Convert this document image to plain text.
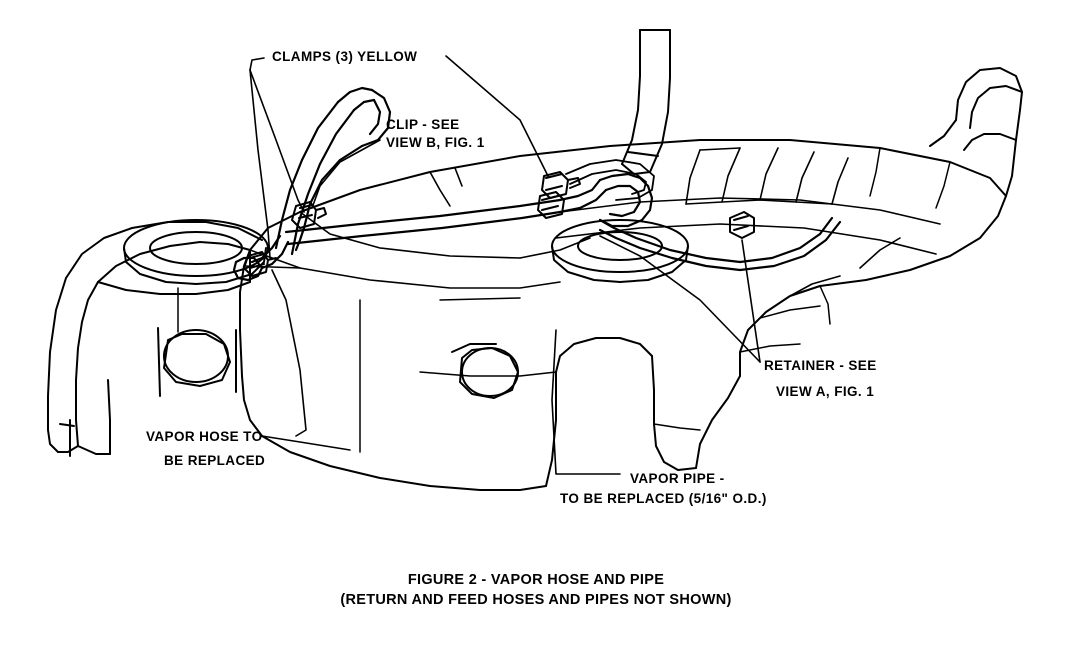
CLAMPS (3) YELLOW
CLIP - SEE
VIEW B, FIG. 1
RETAINER - SEE
VIEW A, FIG. 1
VAPOR HOSE TO
BE REPLACED
VAPOR PIPE -
TO BE REPLACED (5/16" O.D.)
FIGURE 2 - VAPOR HOSE AND PIPE
(RETURN AND FEED HOSES AND PIPES NOT SHOWN)
